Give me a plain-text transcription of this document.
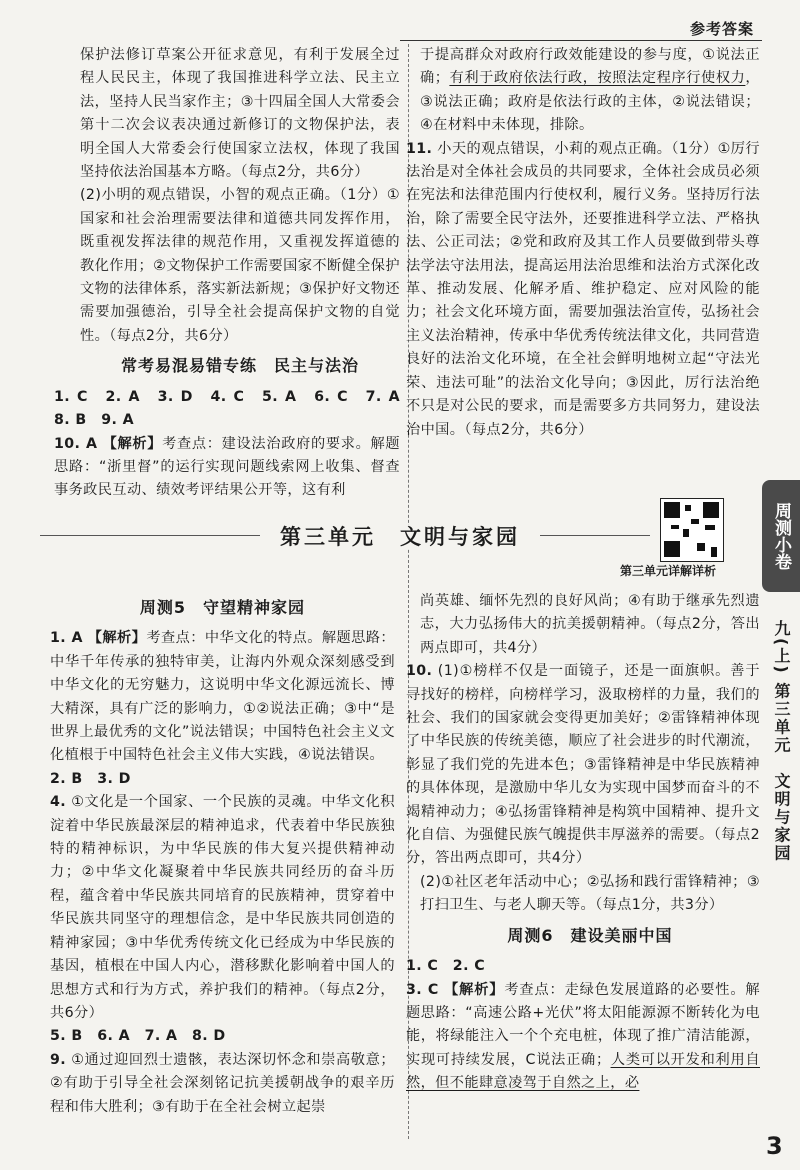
参考答案

保护法修订草案公开征求意见，有利于发展全过程人民民主，体现了我国推进科学立法、民主立法，坚持人民当家作主；③十四届全国人大常委会第十二次会议表决通过新修订的文物保护法，表明全国人大常委会行使国家立法权，体现了我国坚持依法治国基本方略。（每点2分，共6分）

(2)小明的观点错误，小智的观点正确。（1分）①国家和社会治理需要法律和道德共同发挥作用，既重视发挥法律的规范作用，又重视发挥道德的教化作用；②文物保护工作需要国家不断健全保护文物的法律体系，落实新法新规；③保护好文物还需要加强德治，引导全社会提高保护文物的自觉性。（每点2分，共6分）

常考易混易错专练　民主与法治

1. C　2. A　3. D　4. C　5. A　6. C　7. A　8. B　9. A

10. A 【解析】考查点：建设法治政府的要求。解题思路：“浙里督”的运行实现问题线索网上收集、督查事务政民互动、绩效考评结果公开等，这有利

于提高群众对政府行政效能建设的参与度，①说法正确；有利于政府依法行政，按照法定程序行使权力，③说法正确；政府是依法行政的主体，②说法错误；④在材料中未体现，排除。

11. 小天的观点错误，小莉的观点正确。（1分）①厉行法治是对全体社会成员的共同要求，全体社会成员必须在宪法和法律范围内行使权利，履行义务。坚持厉行法治，除了需要全民守法外，还要推进科学立法、严格执法、公正司法；②党和政府及其工作人员要做到带头尊法学法守法用法，提高运用法治思维和法治方式深化改革、推动发展、化解矛盾、维护稳定、应对风险的能力；社会文化环境方面，需要加强法治宣传，弘扬社会主义法治精神，传承中华优秀传统法律文化，共同营造良好的法治文化环境，在全社会鲜明地树立起“守法光荣、违法可耻”的法治文化导向；③因此，厉行法治绝不只是对公民的要求，而是需要多方共同努力，建设法治中国。（每点2分，共6分）

第三单元　文明与家园
第三单元详解详析
周测小卷
九(上) 第三单元　文明与家园
周测5　守望精神家园

1. A 【解析】考查点：中华文化的特点。解题思路：中华千年传承的独特审美，让海内外观众深刻感受到中华文化的无穷魅力，这说明中华文化源远流长、博大精深，具有广泛的影响力，①②说法正确；③中“是世界上最优秀的文化”说法错误；中国特色社会主义文化植根于中国特色社会主义伟大实践，④说法错误。

2. B　3. D

4. ①文化是一个国家、一个民族的灵魂。中华文化积淀着中华民族最深层的精神追求，代表着中华民族独特的精神标识，为中华民族的伟大复兴提供精神动力；②中华文化凝聚着中华民族共同经历的奋斗历程，蕴含着中华民族共同培育的民族精神，贯穿着中华民族共同坚守的理想信念，是中华民族共同创造的精神家园；③中华优秀传统文化已经成为中华民族的基因，植根在中国人内心，潜移默化影响着中国人的思想方式和行为方式，养护我们的精神。（每点2分，共6分）

5. B　6. A　7. A　8. D

9. ①通过迎回烈士遗骸，表达深切怀念和崇高敬意；②有助于引导全社会深刻铭记抗美援朝战争的艰辛历程和伟大胜利；③有助于在全社会树立起崇

尚英雄、缅怀先烈的良好风尚；④有助于继承先烈遗志，大力弘扬伟大的抗美援朝精神。（每点2分，答出两点即可，共4分）

10. (1)①榜样不仅是一面镜子，还是一面旗帜。善于寻找好的榜样，向榜样学习，汲取榜样的力量，我们的社会、我们的国家就会变得更加美好；②雷锋精神体现了中华民族的传统美德，顺应了社会进步的时代潮流，彰显了我们党的先进本色；③雷锋精神是中华民族精神的具体体现，是激励中华儿女为实现中国梦而奋斗的不竭精神动力；④弘扬雷锋精神是构筑中国精神、提升文化自信、为强健民族气魄提供丰厚滋养的需要。（每点2分，答出两点即可，共4分）

(2)①社区老年活动中心；②弘扬和践行雷锋精神；③打扫卫生、与老人聊天等。（每点1分，共3分）

周测6　建设美丽中国

1. C　2. C

3. C 【解析】考查点：走绿色发展道路的必要性。解题思路：“高速公路+光伏”将太阳能源源不断转化为电能，将绿能注入一个个充电桩，体现了推广清洁能源，实现可持续发展，C说法正确；人类可以开发和利用自然，但不能肆意凌驾于自然之上，必

3
